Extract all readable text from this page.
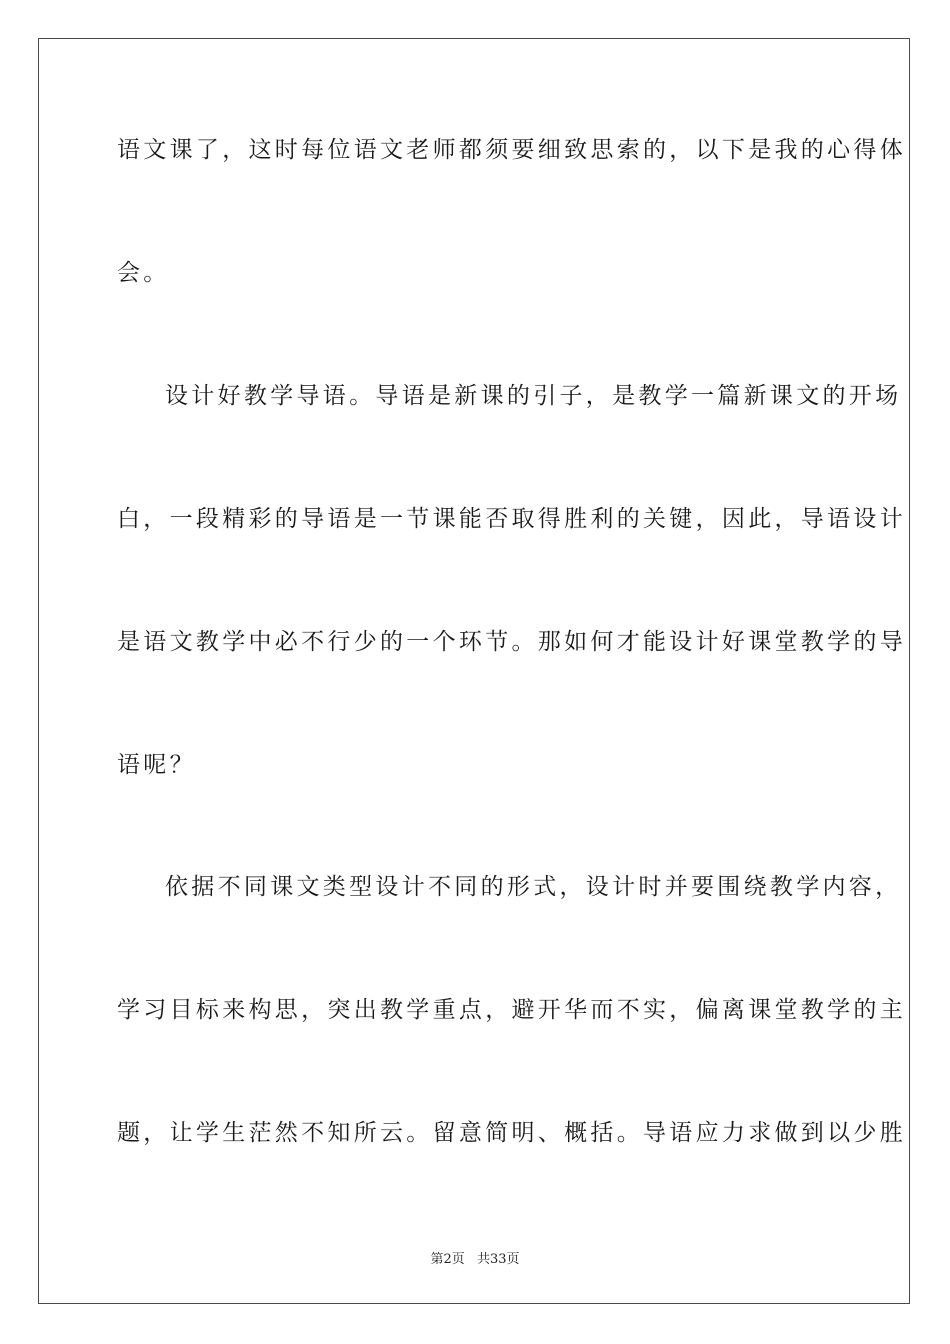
语文课了，这时每位语文老师都须要细致思索的，以下是我的心得体
会。
设计好教学导语。导语是新课的引子，是教学一篇新课文的开场
白，一段精彩的导语是一节课能否取得胜利的关键，因此，导语设计
是语文教学中必不行少的一个环节。那如何才能设计好课堂教学的导
语呢？
依据不同课文类型设计不同的形式，设计时并要围绕教学内容，
学习目标来构思，突出教学重点，避开华而不实，偏离课堂教学的主
题，让学生茫然不知所云。留意简明、概括。导语应力求做到以少胜
第2页 共33页
